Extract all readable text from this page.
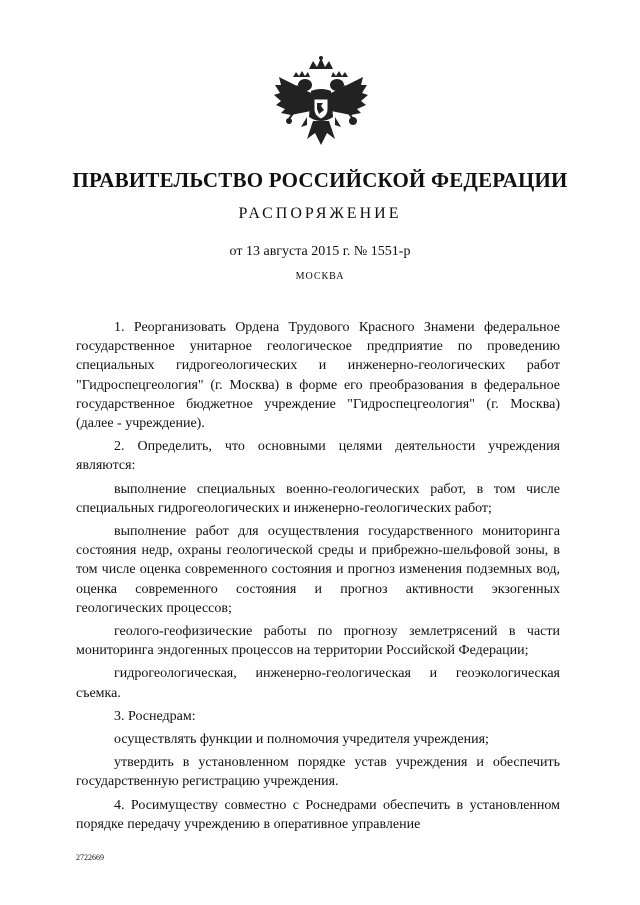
ПРАВИТЕЛЬСТВО РОССИЙСКОЙ ФЕДЕРАЦИИ
РАСПОРЯЖЕНИЕ
от 13 августа 2015 г. № 1551-р
МОСКВА

1. Реорганизовать Ордена Трудового Красного Знамени федеральное государственное унитарное геологическое предприятие по проведению специальных гидрогеологических и инженерно-геологических работ "Гидроспецгеология" (г. Москва) в форме его преобразования в федеральное государственное бюджетное учреждение "Гидроспецгеология" (г. Москва) (далее - учреждение).

2. Определить, что основными целями деятельности учреждения являются:

выполнение специальных военно-геологических работ, в том числе специальных гидрогеологических и инженерно-геологических работ;

выполнение работ для осуществления государственного мониторинга состояния недр, охраны геологической среды и прибрежно-шельфовой зоны, в том числе оценка современного состояния и прогноз изменения подземных вод, оценка современного состояния и прогноз активности экзогенных геологических процессов;

геолого-геофизические работы по прогнозу землетрясений в части мониторинга эндогенных процессов на территории Российской Федерации;

гидрогеологическая, инженерно-геологическая и геоэкологическая съемка.

3. Роснедрам:

осуществлять функции и полномочия учредителя учреждения;

утвердить в установленном порядке устав учреждения и обеспечить государственную регистрацию учреждения.

4. Росимуществу совместно с Роснедрами обеспечить в установленном порядке передачу учреждению в оперативное управление

2722669
